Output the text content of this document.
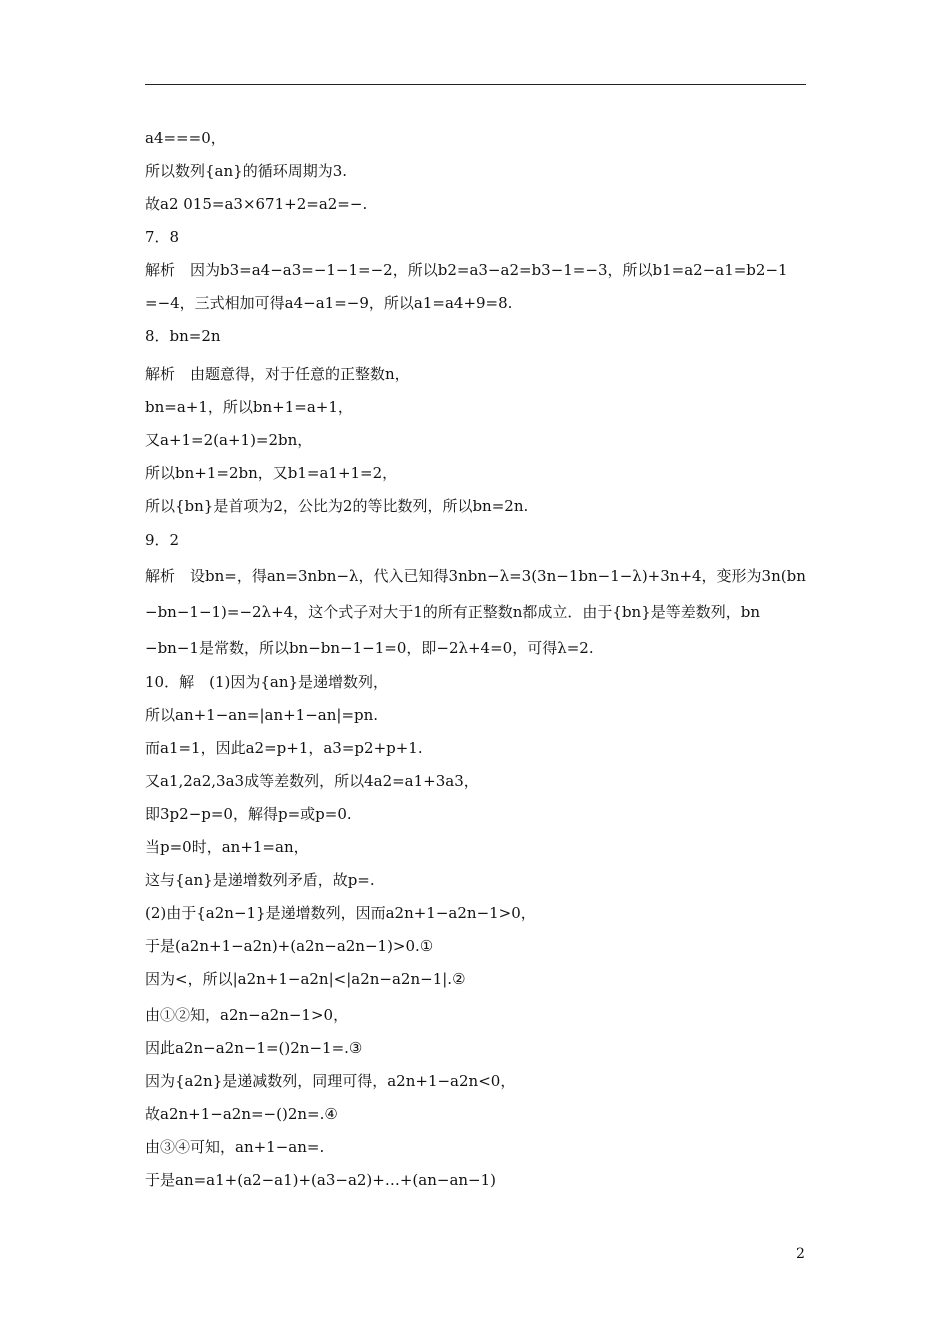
a4===0，
所以数列{an}的循环周期为3.
故a2 015=a3×671+2=a2=−.
7．8
解析　因为b3=a4−a3=−1−1=−2，所以b2=a3−a2=b3−1=−3，所以b1=a2−a1=b2−1
=−4，三式相加可得a4−a1=−9，所以a1=a4+9=8.
8．bn=2n
解析　由题意得，对于任意的正整数n，
bn=a+1，所以bn+1=a+1，
又a+1=2(a+1)=2bn，
所以bn+1=2bn，又b1=a1+1=2，
所以{bn}是首项为2，公比为2的等比数列，所以bn=2n.
9．2
解析　设bn=，得an=3nbn−λ，代入已知得3nbn−λ=3(3n−1bn−1−λ)+3n+4，变形为3n(bn
−bn−1−1)=−2λ+4，这个式子对大于1的所有正整数n都成立．由于{bn}是等差数列，bn
−bn−1是常数，所以bn−bn−1−1=0，即−2λ+4=0，可得λ=2.
10．解　(1)因为{an}是递增数列，
所以an+1−an=|an+1−an|=pn.
而a1=1，因此a2=p+1，a3=p2+p+1.
又a1,2a2,3a3成等差数列，所以4a2=a1+3a3，
即3p2−p=0，解得p=或p=0.
当p=0时，an+1=an，
这与{an}是递增数列矛盾，故p=.
(2)由于{a2n−1}是递增数列，因而a2n+1−a2n−1>0，
于是(a2n+1−a2n)+(a2n−a2n−1)>0.①
因为<，所以|a2n+1−a2n|<|a2n−a2n−1|.②
由①②知，a2n−a2n−1>0，
因此a2n−a2n−1=()2n−1=.③
因为{a2n}是递减数列，同理可得，a2n+1−a2n<0，
故a2n+1−a2n=−()2n=.④
由③④可知，an+1−an=.
于是an=a1+(a2−a1)+(a3−a2)+…+(an−an−1)
2
